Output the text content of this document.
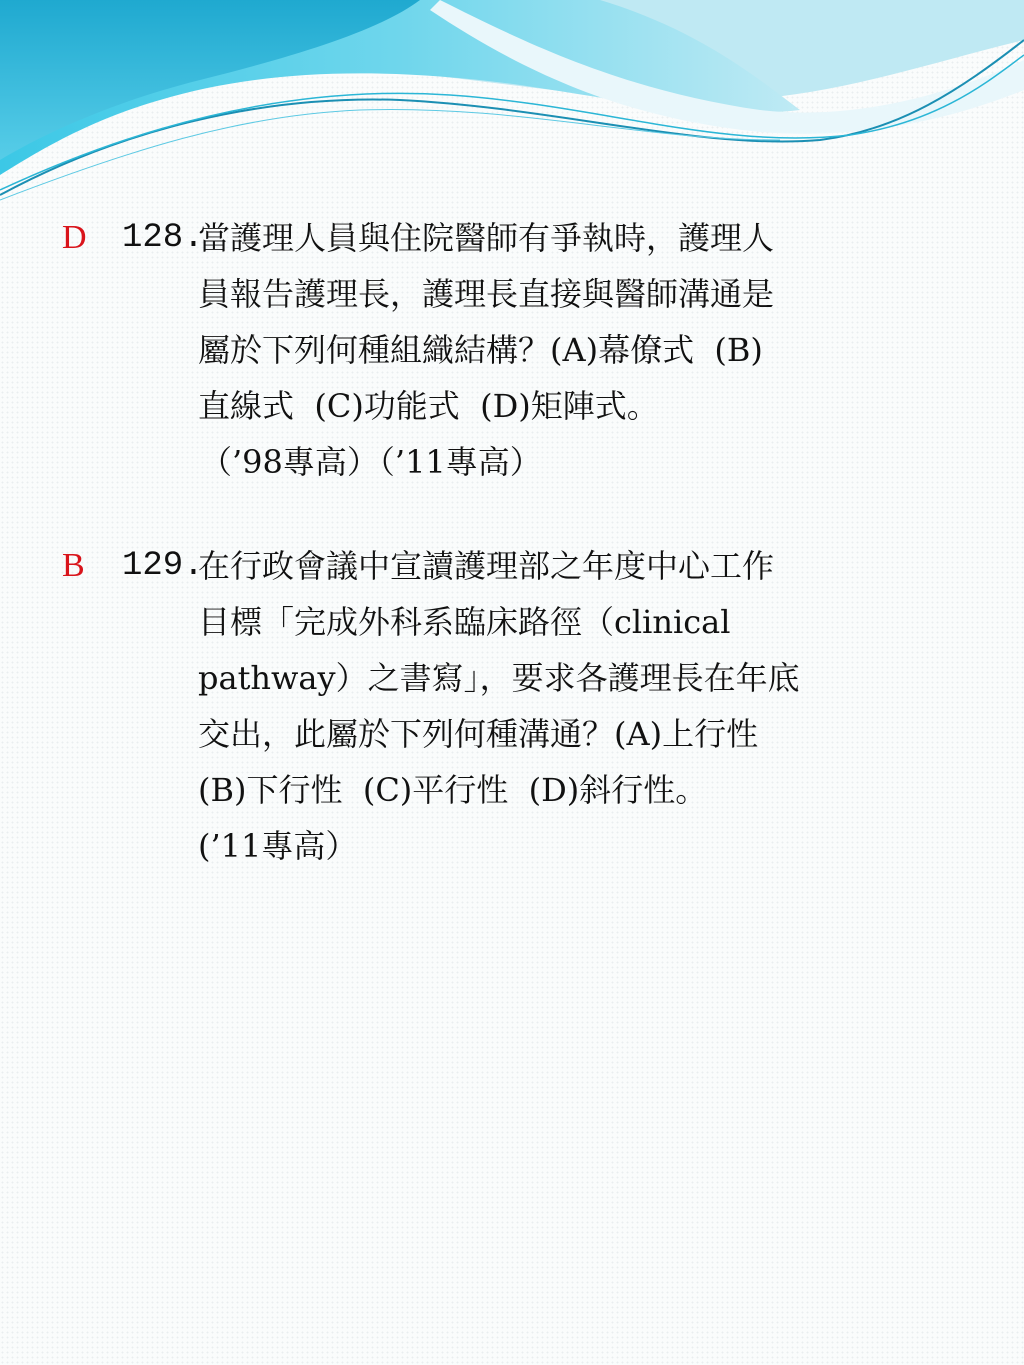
D 128.
當護理人員與住院醫師有爭執時，護理人
員報告護理長，護理長直接與醫師溝通是
屬於下列何種組織結構？(A)幕僚式  (B)
直線式  (C)功能式  (D)矩陣式。
（’98專高）（’11專高）
B 129.
在行政會議中宣讀護理部之年度中心工作
目標「完成外科系臨床路徑（clinical
pathway）之書寫」，要求各護理長在年底
交出，此屬於下列何種溝通？(A)上行性
(B)下行性  (C)平行性  (D)斜行性。
(’11專高）
